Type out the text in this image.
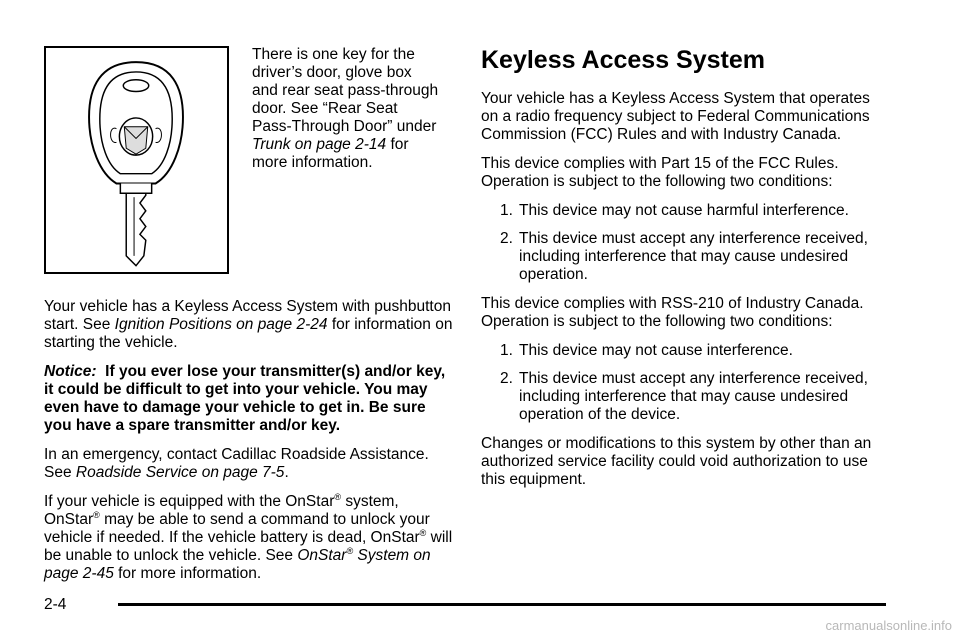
There is one key for the

driver’s door, glove box

and rear seat pass-through

door. See “Rear Seat

Pass-Through Door” under

Trunk on page 2-14 for

more information.

Your vehicle has a Keyless Access System with pushbutton start. See Ignition Positions on page 2-24 for information on starting the vehicle.

Notice: If you ever lose your transmitter(s) and/or key, it could be difficult to get into your vehicle. You may even have to damage your vehicle to get in. Be sure you have a spare transmitter and/or key.

In an emergency, contact Cadillac Roadside Assistance. See Roadside Service on page 7-5.

If your vehicle is equipped with the OnStar® system, OnStar® may be able to send a command to unlock your vehicle if needed. If the vehicle battery is dead, OnStar® will be unable to unlock the vehicle. See OnStar® System on page 2-45 for more information.

Keyless Access System

Your vehicle has a Keyless Access System that operates on a radio frequency subject to Federal Communications Commission (FCC) Rules and with Industry Canada.

This device complies with Part 15 of the FCC Rules. Operation is subject to the following two conditions:

1. This device may not cause harmful interference.
2. This device must accept any interference received, including interference that may cause undesired operation.

This device complies with RSS-210 of Industry Canada. Operation is subject to the following two conditions:

1. This device may not cause interference.
2. This device must accept any interference received, including interference that may cause undesired operation of the device.

Changes or modifications to this system by other than an authorized service facility could void authorization to use this equipment.

2-4
carmanualsonline.info
